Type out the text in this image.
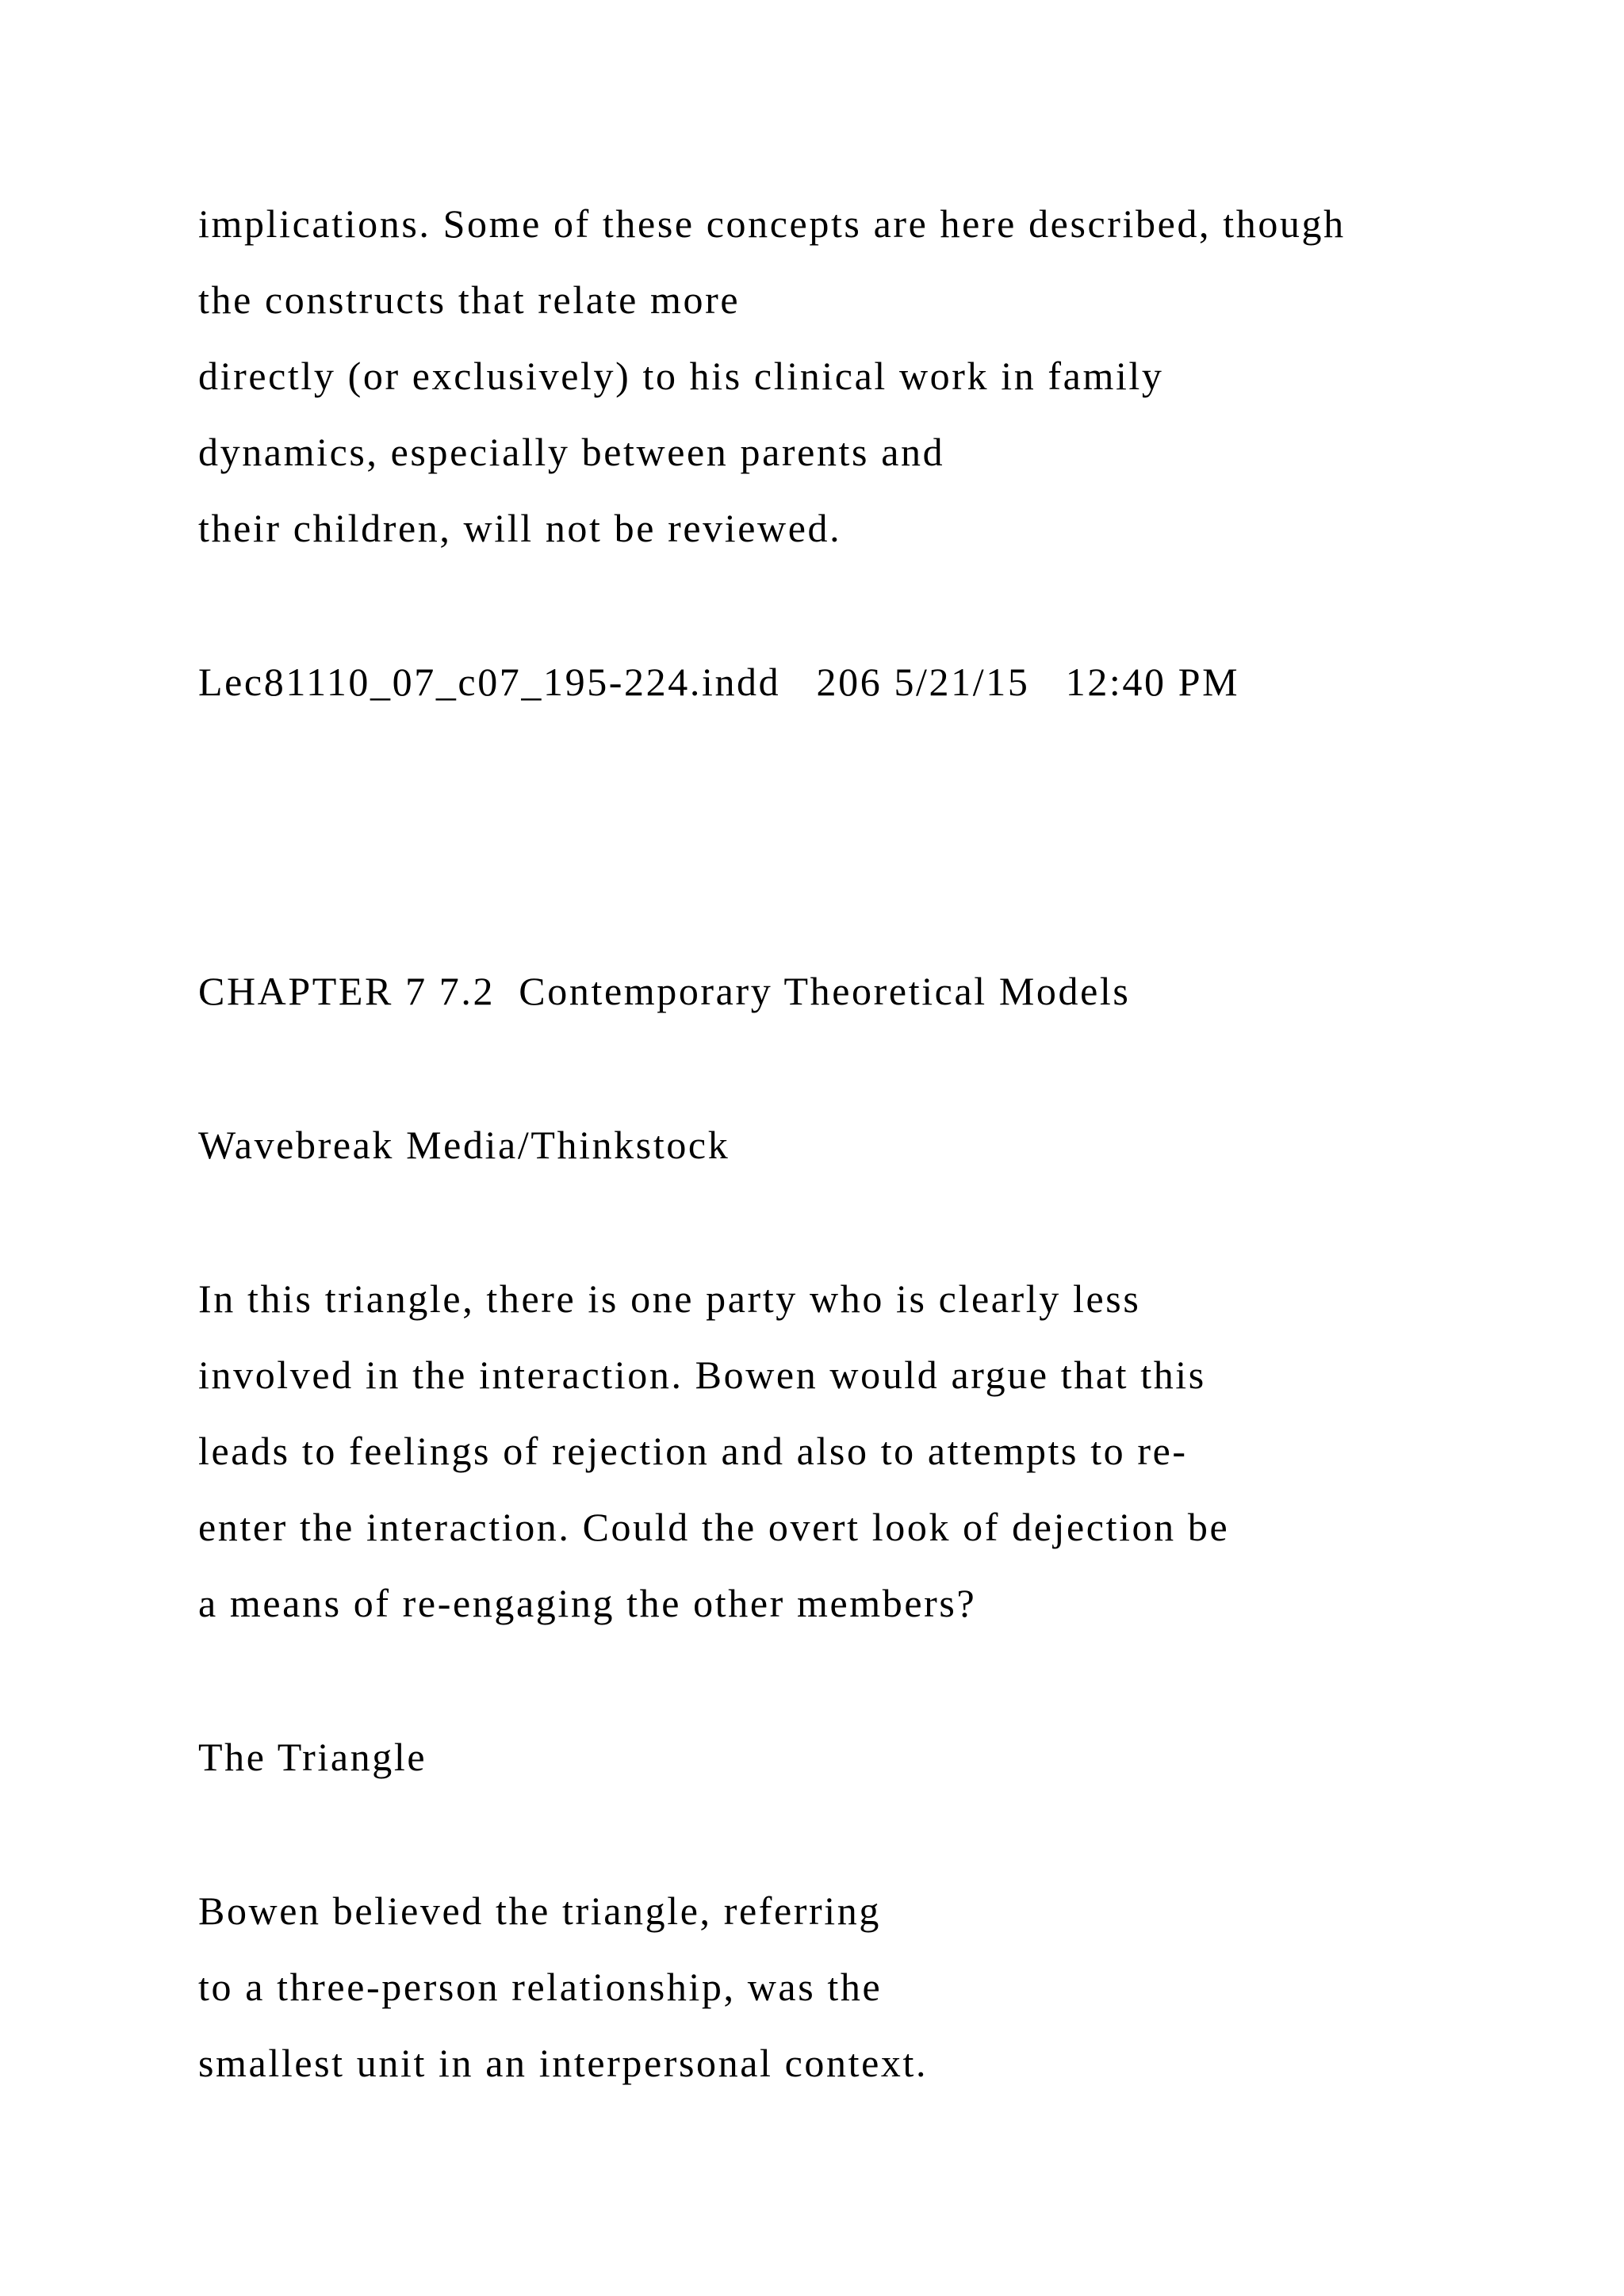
implications. Some of these concepts are here described, though

the constructs that relate more

directly (or exclusively) to his clinical work in family

dynamics, especially between parents and

their children, will not be reviewed.

Lec81110_07_c07_195-224.indd   206 5/21/15   12:40 PM

CHAPTER 7 7.2  Contemporary Theoretical Models

Wavebreak Media/Thinkstock

In this triangle, there is one party who is clearly less

involved in the interaction. Bowen would argue that this

leads to feelings of rejection and also to attempts to re-

enter the interaction. Could the overt look of dejection be

a means of re-engaging the other members?

The Triangle

Bowen believed the triangle, referring

to a three-person relationship, was the

smallest unit in an interpersonal context.
